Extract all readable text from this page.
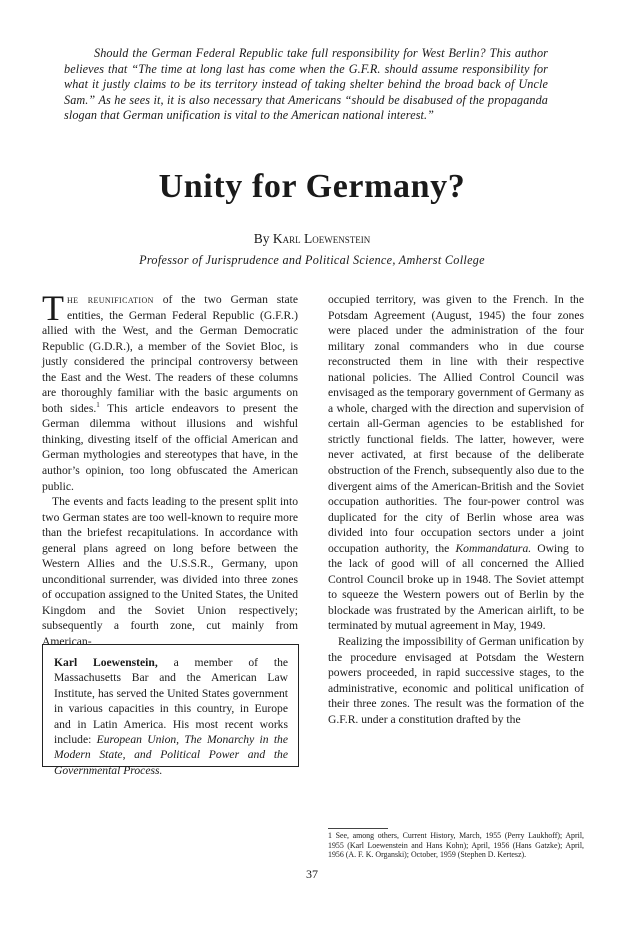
Should the German Federal Republic take full responsibility for West Berlin? This author believes that “The time at long last has come when the G.F.R. should assume responsibility for what it justly claims to be its territory instead of taking shelter behind the broad back of Uncle Sam.” As he sees it, it is also necessary that Americans “should be disabused of the propaganda slogan that German unification is vital to the American national interest.”
Unity for Germany?
By Karl Loewenstein
Professor of Jurisprudence and Political Science, Amherst College

The reunification of the two German state entities, the German Federal Republic (G.F.R.) allied with the West, and the German Democratic Republic (G.D.R.), a member of the Soviet Bloc, is justly considered the principal controversy between the East and the West. The readers of these columns are thoroughly familiar with the basic arguments on both sides.$^1$ This article endeavors to present the German dilemma without illusions and wishful thinking, divesting itself of the official American and German mythologies and stereotypes that have, in the author’s opinion, too long obfuscated the American public.

The events and facts leading to the present split into two German states are too well-known to require more than the briefest recapitulations. In accordance with general plans agreed on long before between the Western Allies and the U.S.S.R., Germany, upon unconditional surrender, was divided into three zones of occupation assigned to the United States, the United Kingdom and the Soviet Union respectively; subsequently a fourth zone, cut mainly from American-

Karl Loewenstein, a member of the Massachusetts Bar and the American Law Institute, has served the United States government in various capacities in this country, in Europe and in Latin America. His most recent works include: European Union, The Monarchy in the Modern State, and Political Power and the Governmental Process.

occupied territory, was given to the French. In the Potsdam Agreement (August, 1945) the four zones were placed under the administration of the four military zonal commanders who in due course reconstructed them in line with their respective national policies. The Allied Control Council was envisaged as the temporary government of Germany as a whole, charged with the direction and supervision of certain all-German agencies to be established for strictly functional fields. The latter, however, were never activated, at first because of the deliberate obstruction of the French, subsequently also due to the divergent aims of the American-British and the Soviet occupation authorities. The four-power control was duplicated for the city of Berlin whose area was divided into four occupation sectors under a joint occupation authority, the Kommandatura. Owing to the lack of good will of all concerned the Allied Control Council broke up in 1948. The Soviet attempt to squeeze the Western powers out of Berlin by the blockade was frustrated by the American airlift, to be terminated by mutual agreement in May, 1949.

Realizing the impossibility of German unification by the procedure envisaged at Potsdam the Western powers proceeded, in rapid successive stages, to the administrative, economic and political unification of their three zones. The result was the formation of the G.F.R. under a constitution drafted by the

1 See, among others, Current History, March, 1955 (Perry Laukhoff); April, 1955 (Karl Loewenstein and Hans Kohn); April, 1956 (Hans Gatzke); April, 1956 (A. F. K. Organski); October, 1959 (Stephen D. Kertesz).
37
